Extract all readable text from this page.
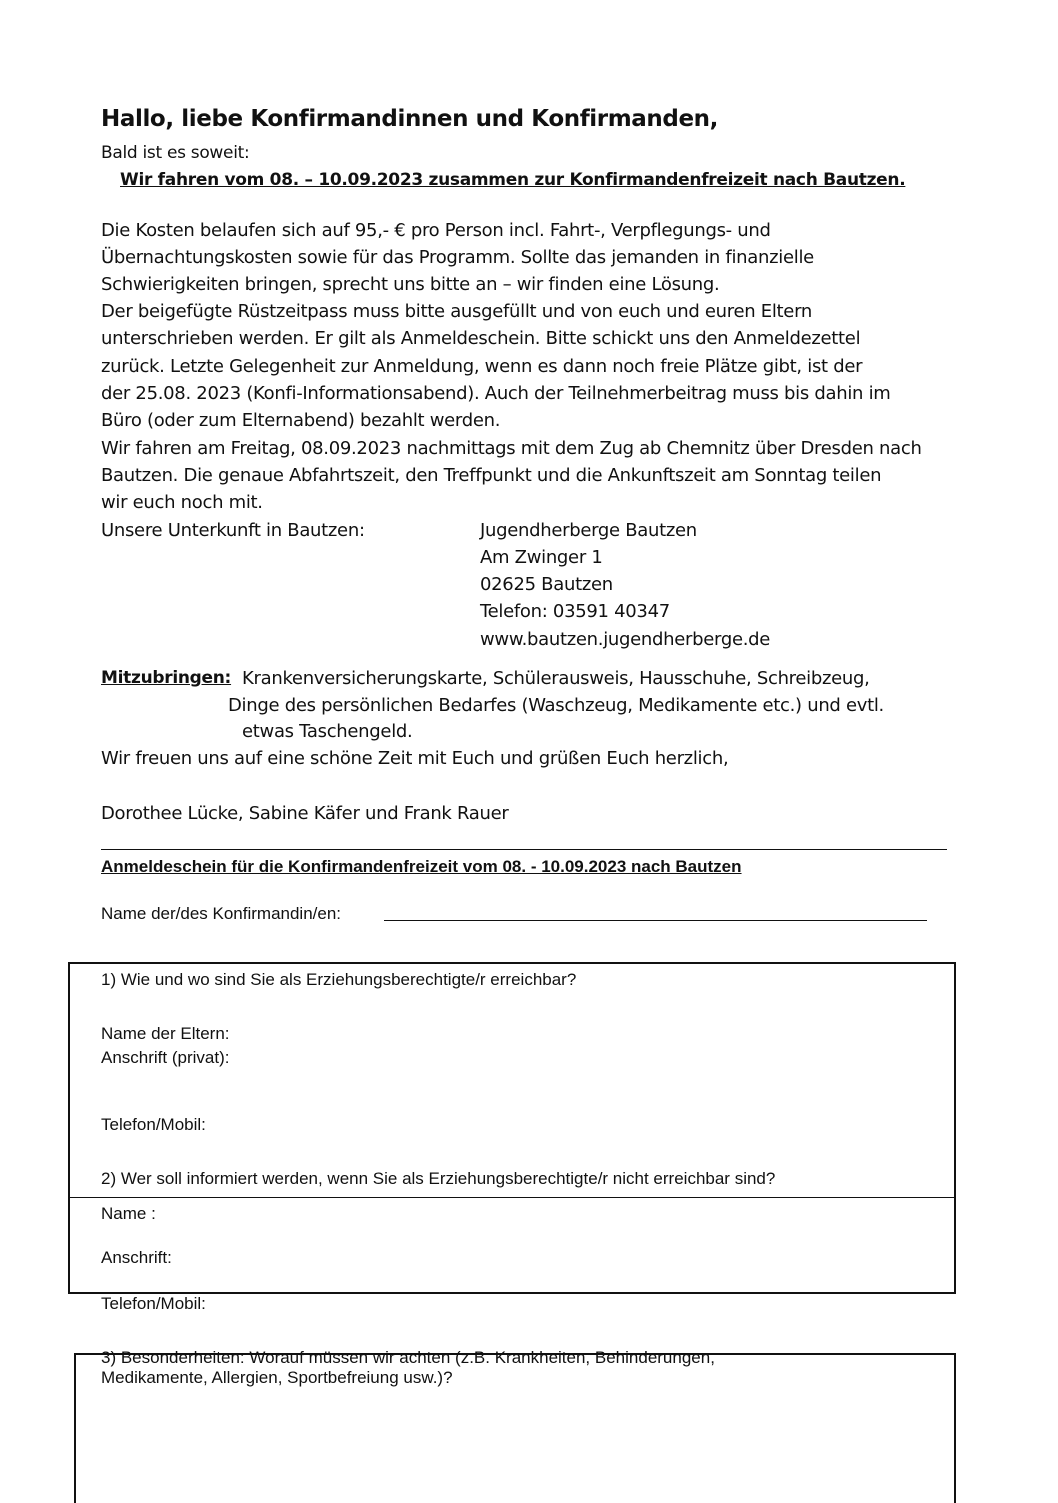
Hallo, liebe Konfirmandinnen und Konfirmanden,
Bald ist es soweit:
Wir fahren vom 08. – 10.09.2023 zusammen zur Konfirmandenfreizeit nach Bautzen.
Die Kosten belaufen sich auf 95,- € pro Person incl. Fahrt-, Verpflegungs- und
Übernachtungskosten sowie für das Programm. Sollte das jemanden in finanzielle
Schwierigkeiten bringen, sprecht uns bitte an – wir finden eine Lösung.
Der beigefügte Rüstzeitpass muss bitte ausgefüllt und von euch und euren Eltern
unterschrieben werden. Er gilt als Anmeldeschein. Bitte schickt uns den Anmeldezettel
zurück. Letzte Gelegenheit zur Anmeldung, wenn es dann noch freie Plätze gibt, ist der
der 25.08. 2023 (Konfi-Informationsabend). Auch der Teilnehmerbeitrag muss bis dahin im
Büro (oder zum Elternabend) bezahlt werden.
Wir fahren am Freitag, 08.09.2023 nachmittags mit dem Zug ab Chemnitz über Dresden nach
Bautzen. Die genaue Abfahrtszeit, den Treffpunkt und die Ankunftszeit am Sonntag teilen
wir euch noch mit.
Unsere Unterkunft in Bautzen:	Jugendherberge Bautzen
Am Zwinger 1
02625 Bautzen
Telefon: 03591 40347
www.bautzen.jugendherberge.de
Mitzubringen: Krankenversicherungskarte, Schülerausweis, Hausschuhe, Schreibzeug,
Dinge des persönlichen Bedarfes (Waschzeug, Medikamente etc.) und evtl.
etwas Taschengeld.
Wir freuen uns auf eine schöne Zeit mit Euch und grüßen Euch herzlich,
Dorothee Lücke, Sabine Käfer und Frank Rauer
Anmeldeschein für die Konfirmandenfreizeit vom 08. - 10.09.2023 nach Bautzen
Name der/des Konfirmandin/en:
1) Wie und wo sind Sie als Erziehungsberechtigte/r erreichbar?
Name der Eltern:
Anschrift (privat):
Telefon/Mobil:
2) Wer soll informiert werden, wenn Sie als Erziehungsberechtigte/r nicht erreichbar sind?
Name :
Anschrift:
Telefon/Mobil:
3) Besonderheiten: Worauf müssen wir achten (z.B. Krankheiten, Behinderungen,
Medikamente, Allergien, Sportbefreiung usw.)?
